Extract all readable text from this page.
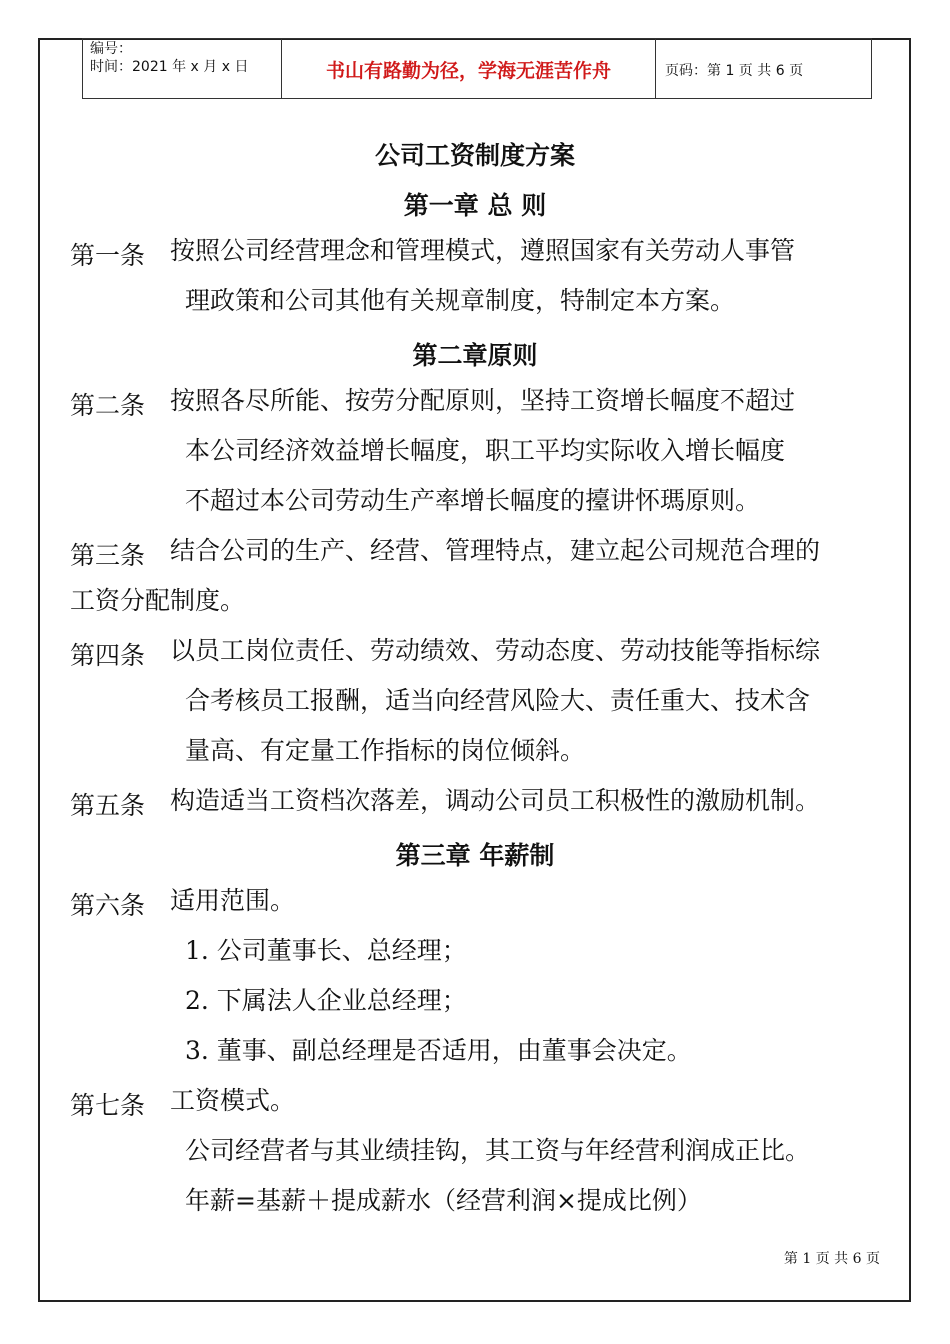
编号：
时间：2021 年 x 月 x 日	书山有路勤为径，学海无涯苦作舟	页码：第 1 页 共 6 页
公司工资制度方案
第一章 总 则
第一条 按照公司经营理念和管理模式，遵照国家有关劳动人事管
理政策和公司其他有关规章制度，特制定本方案。
第二章原则
第二条 按照各尽所能、按劳分配原则，坚持工资增长幅度不超过
本公司经济效益增长幅度，职工平均实际收入增长幅度
不超过本公司劳动生产率增长幅度的擡讲怀瑪原则。
第三条 结合公司的生产、经营、管理特点，建立起公司规范合理的
工资分配制度。
第四条 以员工岗位责任、劳动绩效、劳动态度、劳动技能等指标综
合考核员工报酬，适当向经营风险大、责任重大、技术含
量高、有定量工作指标的岗位倾斜。
第五条 构造适当工资档次落差，调动公司员工积极性的激励机制。
第三章 年薪制
第六条 适用范围。
1. 公司董事长、总经理；
2. 下属法人企业总经理；
3. 董事、副总经理是否适用，由董事会决定。
第七条 工资模式。
公司经营者与其业绩挂钩，其工资与年经营利润成正比。
年薪=基薪＋提成薪水（经营利润×提成比例）
第 1 页 共 6 页
